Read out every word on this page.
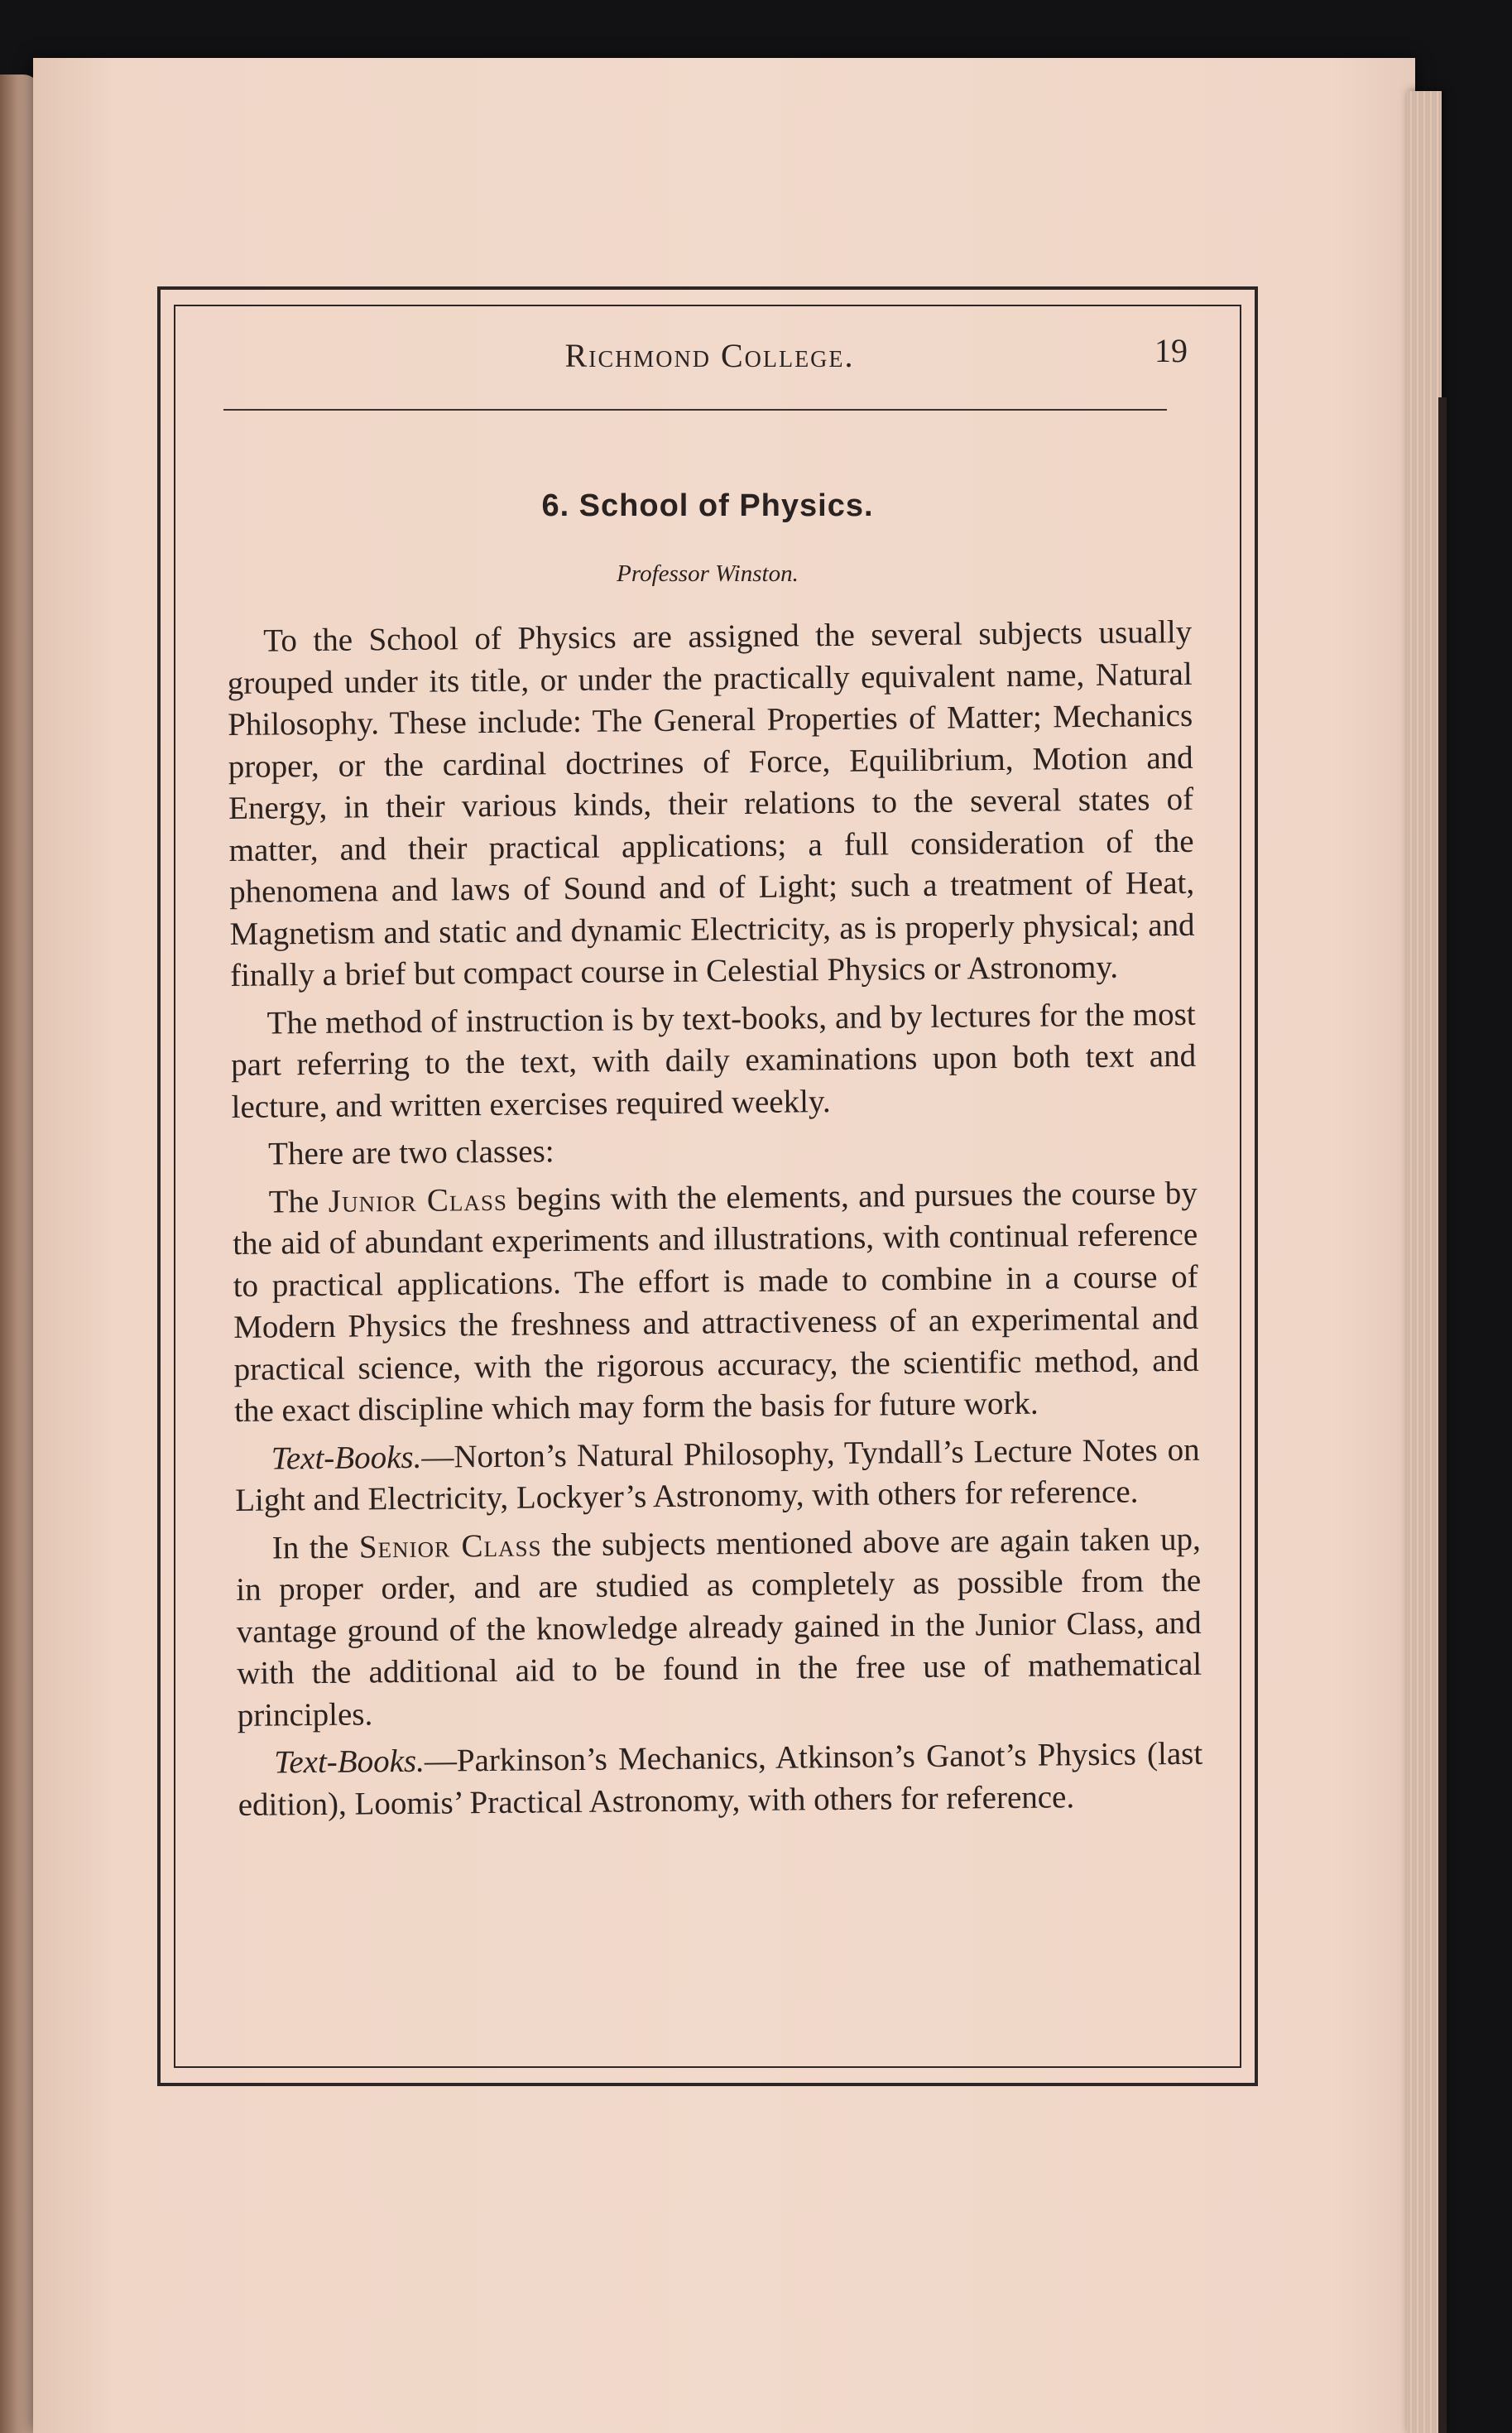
Richmond College.	19
6. School of Physics.
Professor Winston.

To the School of Physics are assigned the several subjects usually grouped under its title, or under the practically equivalent name, Natural Philosophy. These include: The General Properties of Matter; Mechanics proper, or the cardinal doctrines of Force, Equilibrium, Motion and Energy, in their various kinds, their relations to the several states of matter, and their practical applications; a full consideration of the phenomena and laws of Sound and of Light; such a treatment of Heat, Magnetism and static and dynamic Electricity, as is properly physical; and finally a brief but compact course in Celestial Physics or Astronomy.

The method of instruction is by text-books, and by lectures for the most part referring to the text, with daily examinations upon both text and lecture, and written exercises required weekly.

There are two classes:

The Junior Class begins with the elements, and pursues the course by the aid of abundant experiments and illustrations, with continual reference to practical applications. The effort is made to combine in a course of Modern Physics the freshness and attractiveness of an experimental and practical science, with the rigorous accuracy, the scientific method, and the exact discipline which may form the basis for future work.

Text-Books.—Norton’s Natural Philosophy, Tyndall’s Lecture Notes on Light and Electricity, Lockyer’s Astronomy, with others for reference.

In the Senior Class the subjects mentioned above are again taken up, in proper order, and are studied as completely as possible from the vantage ground of the knowledge already gained in the Junior Class, and with the additional aid to be found in the free use of mathematical principles.

Text-Books.—Parkinson’s Mechanics, Atkinson’s Ganot’s Physics (last edition), Loomis’ Practical Astronomy, with others for reference.
